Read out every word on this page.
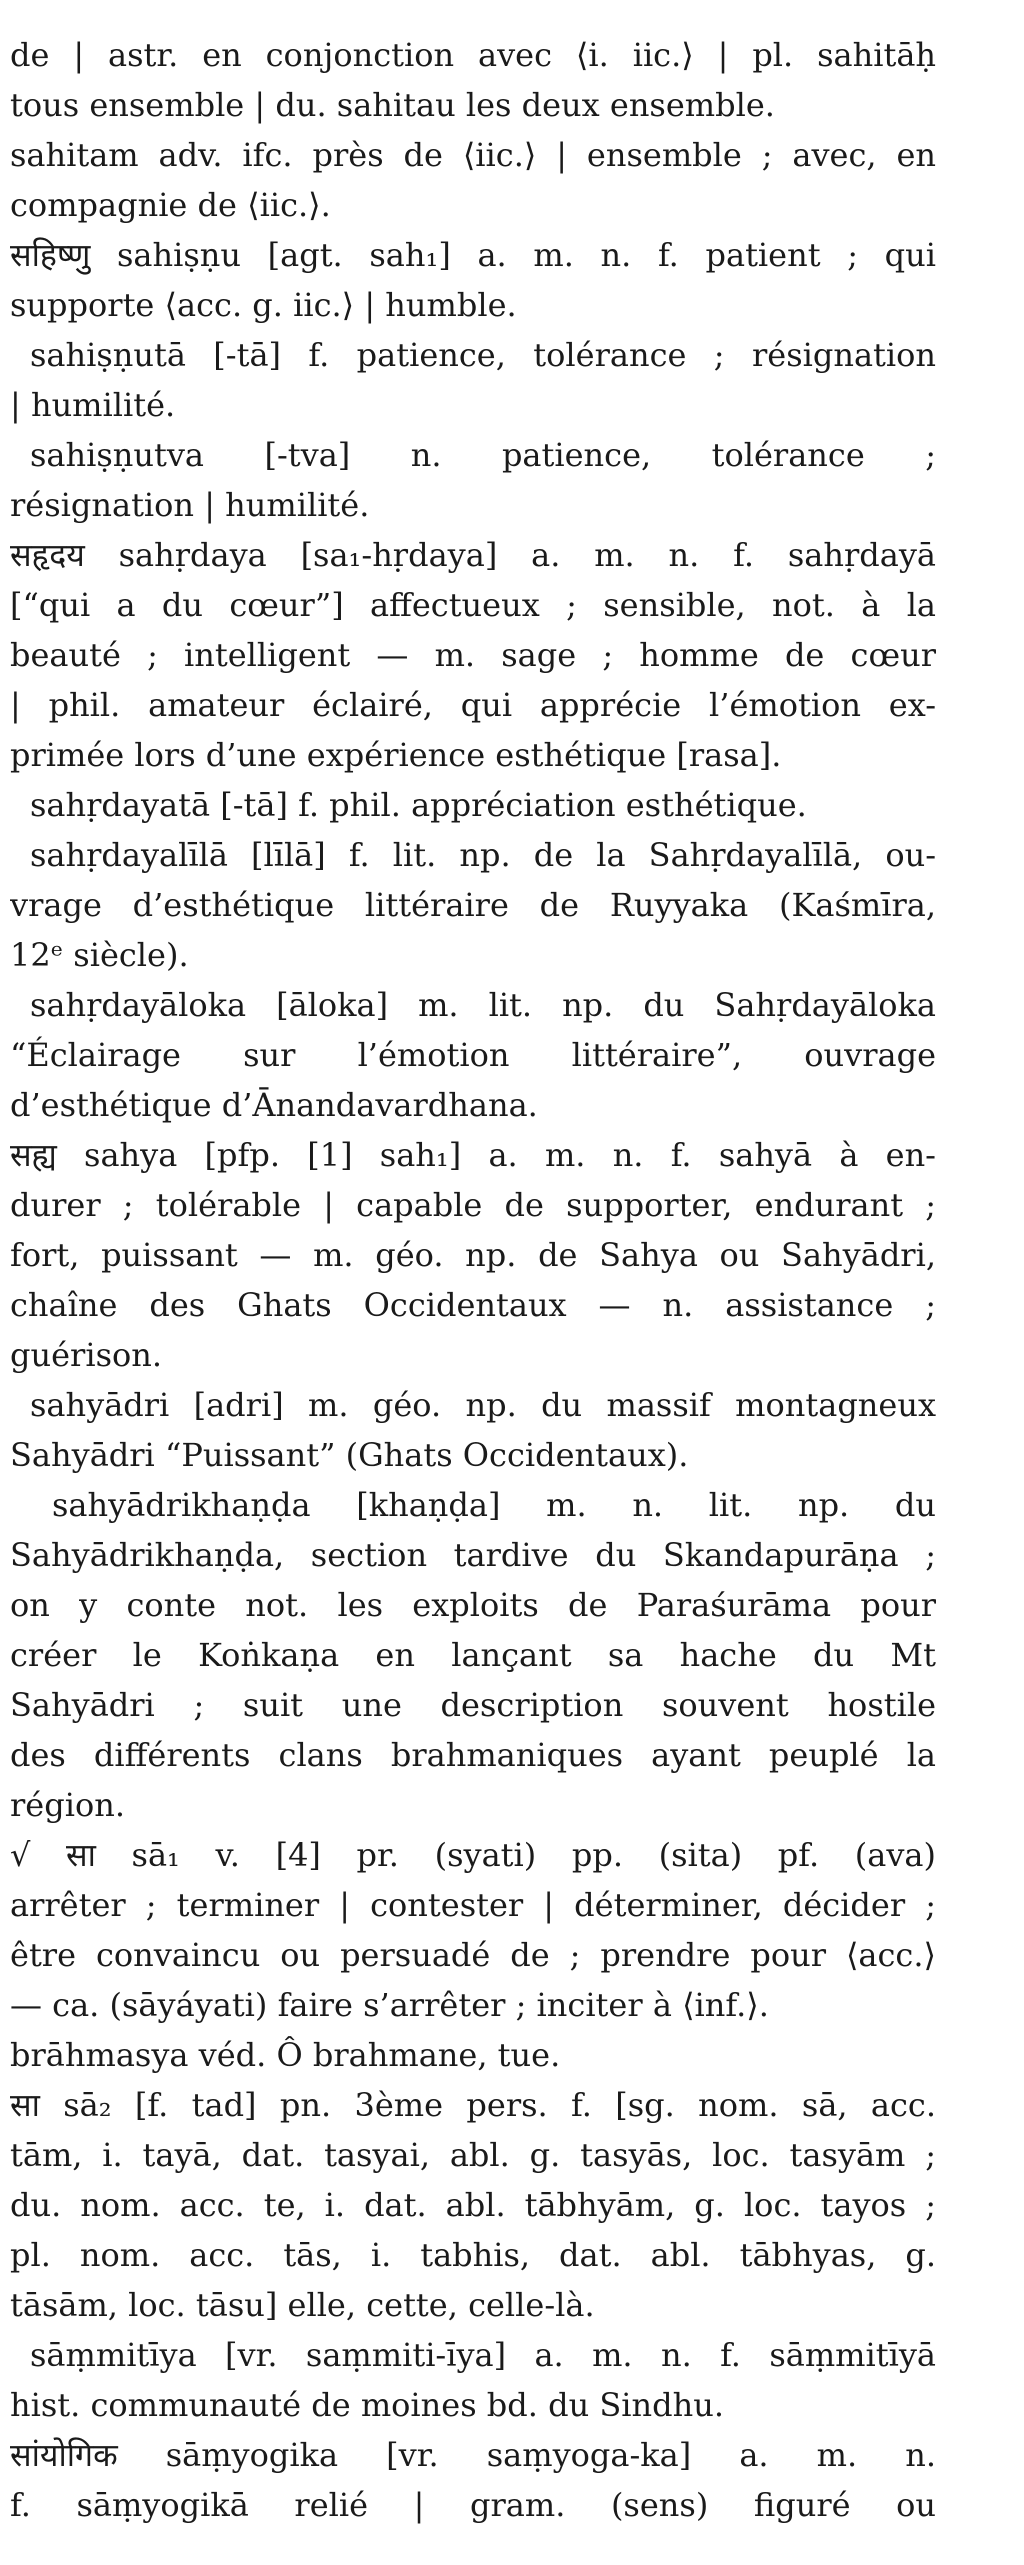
de | astr. en conjonction avec ⟨i. iic.⟩ | pl. sahitāḥ
tous ensemble | du. sahitau les deux ensemble.
sahitam adv. ifc. près de ⟨iic.⟩ | ensemble ; avec, en
compagnie de ⟨iic.⟩.
सहिष्णु sahiṣṇu [agt. sah₁] a. m. n. f. patient ; qui
supporte ⟨acc. g. iic.⟩ | humble.
sahiṣṇutā [-tā] f. patience, tolérance ; résignation
| humilité.
sahiṣṇutva [-tva] n. patience, tolérance ;
résignation | humilité.
सहृदय sahṛdaya [sa₁-hṛdaya] a. m. n. f. sahṛdayā
[“qui a du cœur”] affectueux ; sensible, not. à la
beauté ; intelligent — m. sage ; homme de cœur
| phil. amateur éclairé, qui apprécie l’émotion ex-
primée lors d’une expérience esthétique [rasa].
sahṛdayatā [-tā] f. phil. appréciation esthétique.
sahṛdayalīlā [līlā] f. lit. np. de la Sahṛdayalīlā, ou-
vrage d’esthétique littéraire de Ruyyaka (Kaśmīra,
12ᵉ siècle).
sahṛdayāloka [āloka] m. lit. np. du Sahṛdayāloka
“Éclairage sur l’émotion littéraire”, ouvrage
d’esthétique d’Ānandavardhana.
सह्य sahya [pfp. [1] sah₁] a. m. n. f. sahyā à en-
durer ; tolérable | capable de supporter, endurant ;
fort, puissant — m. géo. np. de Sahya ou Sahyādri,
chaîne des Ghats Occidentaux — n. assistance ;
guérison.
sahyādri [adri] m. géo. np. du massif montagneux
Sahyādri “Puissant” (Ghats Occidentaux).
sahyādrikhaṇḍa [khaṇḍa] m. n. lit. np. du
Sahyādrikhaṇḍa, section tardive du Skandapurāṇa ;
on y conte not. les exploits de Paraśurāma pour
créer le Koṅkaṇa en lançant sa hache du Mt
Sahyādri ; suit une description souvent hostile
des différents clans brahmaniques ayant peuplé la
région.
√ सा sā₁ v. [4] pr. (syati) pp. (sita) pf. (ava)
arrêter ; terminer | contester | déterminer, décider ;
être convaincu ou persuadé de ; prendre pour ⟨acc.⟩
— ca. (sāyáyati) faire s’arrêter ; inciter à ⟨inf.⟩.
brāhmasya véd. Ô brahmane, tue.
सा sā₂ [f. tad] pn. 3ème pers. f. [sg. nom. sā, acc.
tām, i. tayā, dat. tasyai, abl. g. tasyās, loc. tasyām ;
du. nom. acc. te, i. dat. abl. tābhyām, g. loc. tayos ;
pl. nom. acc. tās, i. tabhis, dat. abl. tābhyas, g.
tāsām, loc. tāsu] elle, cette, celle-là.
sāṃmitīya [vr. saṃmiti-īya] a. m. n. f. sāṃmitīyā
hist. communauté de moines bd. du Sindhu.
सांयोगिक sāṃyogika [vr. saṃyoga-ka] a. m. n.
f. sāṃyogikā relié | gram. (sens) figuré ou
